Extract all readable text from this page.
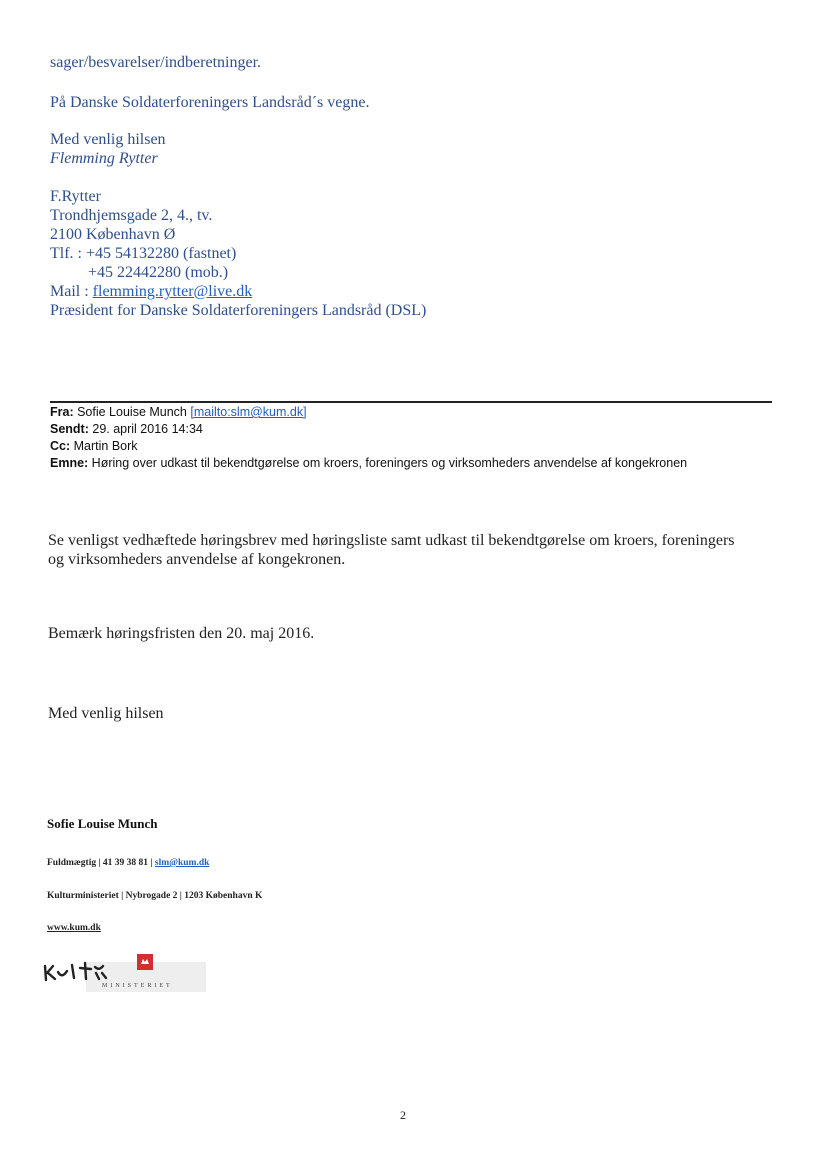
sager/besvarelser/indberetninger.
På Danske Soldaterforeningers Landsråd´s vegne.
Med venlig hilsen
Flemming Rytter
F.Rytter
Trondhjemsgade 2, 4., tv.
2100 København Ø
Tlf. : +45 54132280 (fastnet)
+45 22442280 (mob.)
Mail : flemming.rytter@live.dk
Præsident for Danske Soldaterforeningers Landsråd (DSL)
Fra: Sofie Louise Munch [mailto:slm@kum.dk]
Sendt: 29. april 2016 14:34
Cc: Martin Bork
Emne: Høring over udkast til bekendtgørelse om kroers, foreningers og virksomheders anvendelse af kongekronen
Se venligst vedhæftede høringsbrev med høringsliste samt udkast til bekendtgørelse om kroers, foreningers
og virksomheders anvendelse af kongekronen.
Bemærk høringsfristen den 20. maj 2016.
Med venlig hilsen
Sofie Louise Munch
Fuldmægtig | 41 39 38 81 | slm@kum.dk
Kulturministeriet | Nybrogade 2 | 1203 København K
www.kum.dk
MINISTERIET
2
